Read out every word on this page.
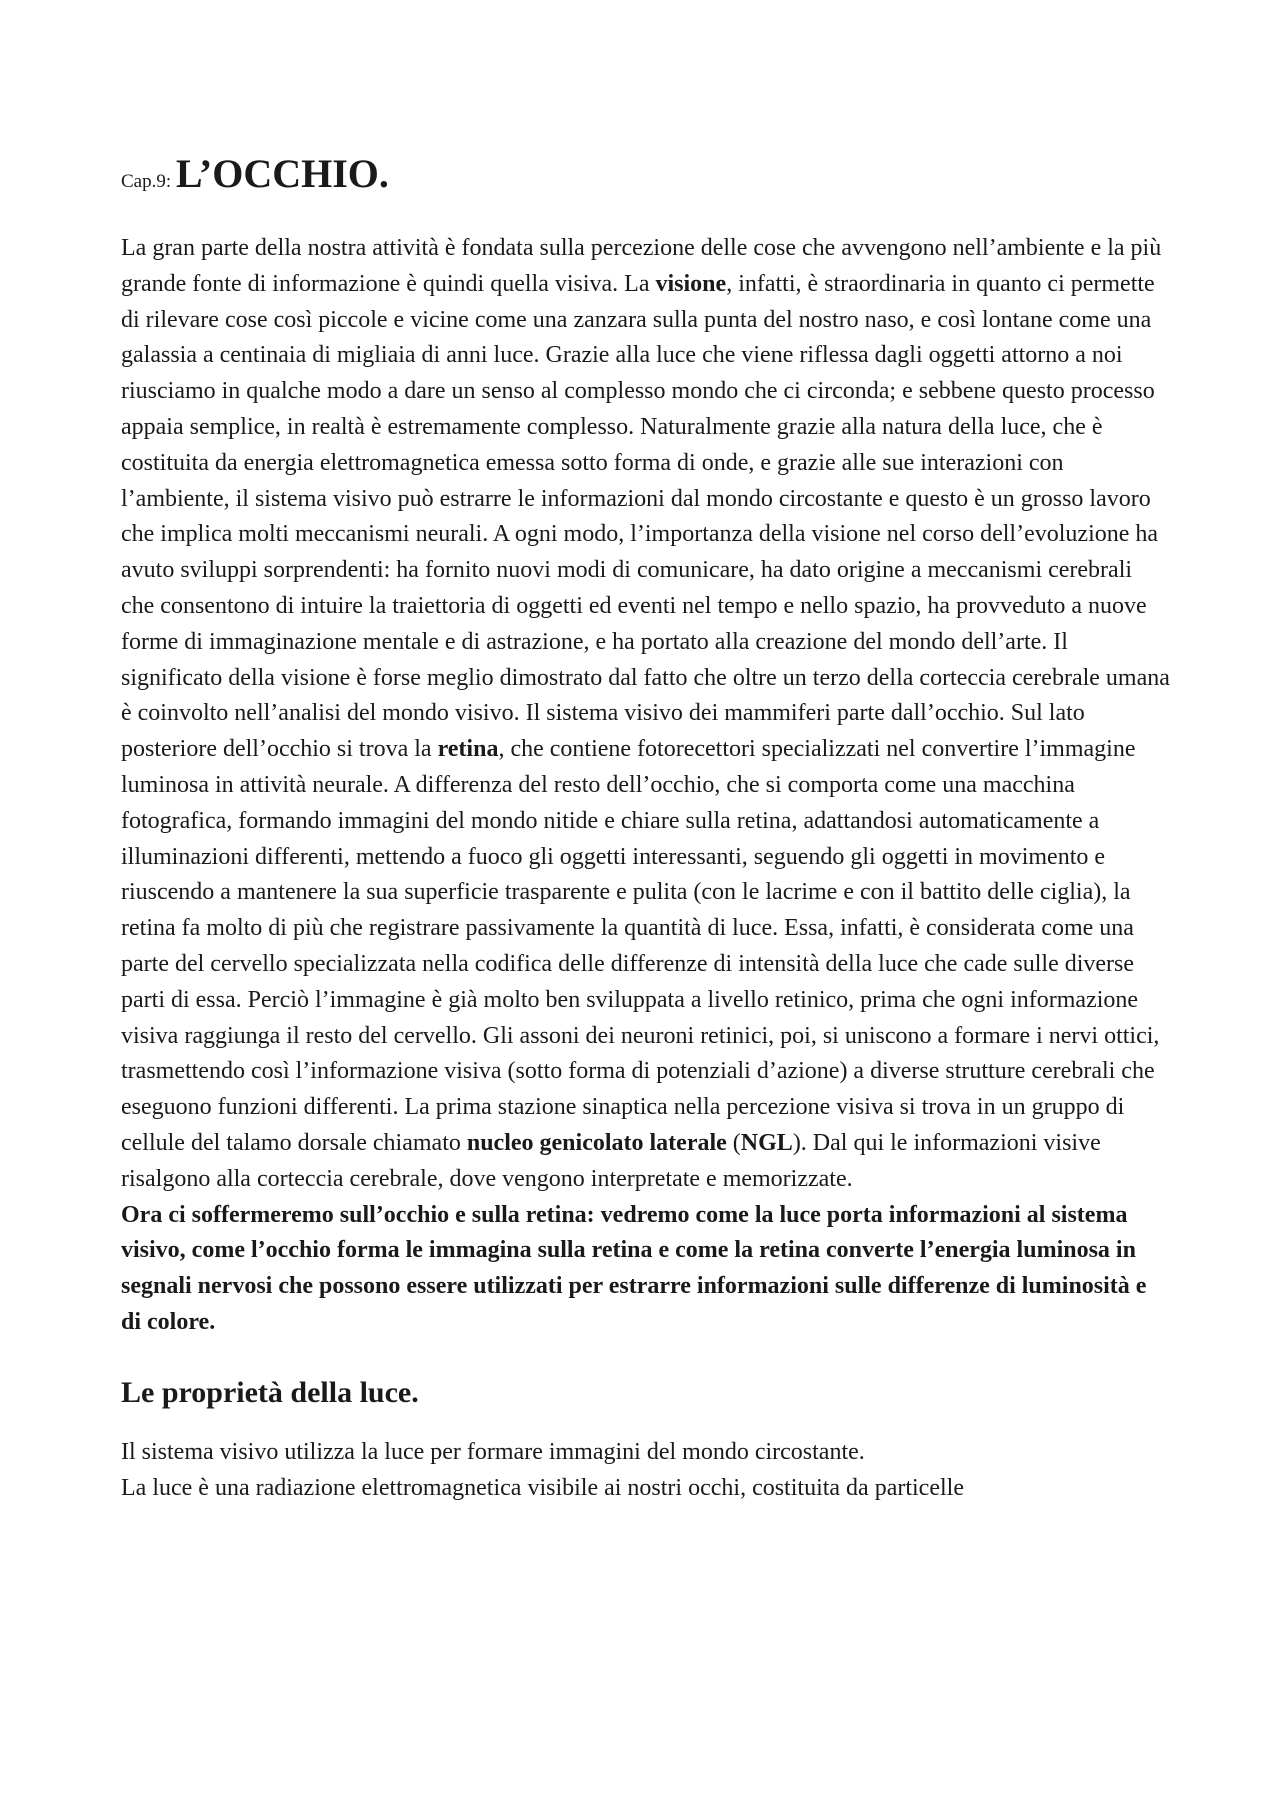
Cap.9: L’OCCHIO.

La gran parte della nostra attività è fondata sulla percezione delle cose che avvengono nell’ambiente e la più grande fonte di informazione è quindi quella visiva. La visione, infatti, è straordinaria in quanto ci permette di rilevare cose così piccole e vicine come una zanzara sulla punta del nostro naso, e così lontane come una galassia a centinaia di migliaia di anni luce. Grazie alla luce che viene riflessa dagli oggetti attorno a noi riusciamo in qualche modo a dare un senso al complesso mondo che ci circonda; e sebbene questo processo appaia semplice, in realtà è estremamente complesso. Naturalmente grazie alla natura della luce, che è costituita da energia elettromagnetica emessa sotto forma di onde, e grazie alle sue interazioni con l’ambiente, il sistema visivo può estrarre le informazioni dal mondo circostante e questo è un grosso lavoro che implica molti meccanismi neurali. A ogni modo, l’importanza della visione nel corso dell’evoluzione ha avuto sviluppi sorprendenti: ha fornito nuovi modi di comunicare, ha dato origine a meccanismi cerebrali che consentono di intuire la traiettoria di oggetti ed eventi nel tempo e nello spazio, ha provveduto a nuove forme di immaginazione mentale e di astrazione, e ha portato alla creazione del mondo dell’arte. Il significato della visione è forse meglio dimostrato dal fatto che oltre un terzo della corteccia cerebrale umana è coinvolto nell’analisi del mondo visivo. Il sistema visivo dei mammiferi parte dall’occhio. Sul lato posteriore dell’occhio si trova la retina, che contiene fotorecettori specializzati nel convertire l’immagine luminosa in attività neurale. A differenza del resto dell’occhio, che si comporta come una macchina fotografica, formando immagini del mondo nitide e chiare sulla retina, adattandosi automaticamente a illuminazioni differenti, mettendo a fuoco gli oggetti interessanti, seguendo gli oggetti in movimento e riuscendo a mantenere la sua superficie trasparente e pulita (con le lacrime e con il battito delle ciglia), la retina fa molto di più che registrare passivamente la quantità di luce. Essa, infatti, è considerata come una parte del cervello specializzata nella codifica delle differenze di intensità della luce che cade sulle diverse parti di essa. Perciò l’immagine è già molto ben sviluppata a livello retinico, prima che ogni informazione visiva raggiunga il resto del cervello. Gli assoni dei neuroni retinici, poi, si uniscono a formare i nervi ottici, trasmettendo così l’informazione visiva (sotto forma di potenziali d’azione) a diverse strutture cerebrali che eseguono funzioni differenti. La prima stazione sinaptica nella percezione visiva si trova in un gruppo di cellule del talamo dorsale chiamato nucleo genicolato laterale (NGL). Dal qui le informazioni visive risalgono alla corteccia cerebrale, dove vengono interpretate e memorizzate.

Ora ci soffermeremo sull’occhio e sulla retina: vedremo come la luce porta informazioni al sistema visivo, come l’occhio forma le immagina sulla retina e come la retina converte l’energia luminosa in segnali nervosi che possono essere utilizzati per estrarre informazioni sulle differenze di luminosità e di colore.

Le proprietà della luce.

Il sistema visivo utilizza la luce per formare immagini del mondo circostante.

La luce è una radiazione elettromagnetica visibile ai nostri occhi, costituita da particelle
